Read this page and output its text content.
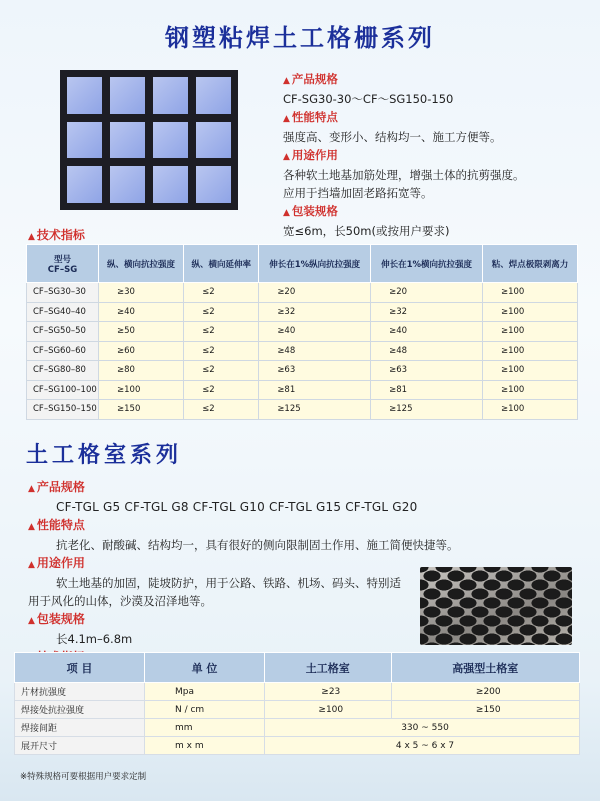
钢塑粘焊土工格栅系列
▲ 产品规格
CF-SG30-30～CF～SG150-150
▲ 性能特点
强度高、变形小、结构均一、施工方便等。
▲ 用途作用
各种软土地基加筋处理，增强土体的抗剪强度。
应用于挡墙加固老路拓宽等。
▲ 包装规格
宽≤6m，长50m(或按用户要求)
▲ 技术指标
型号
CF–SG	纵、横向抗拉强度	纵、横向延伸率	伸长在1%纵向抗拉强度	伸长在1%横向抗拉强度	粘、焊点极限剥离力
CF–SG30–30	≥30	≤2	≥20	≥20	≥100
CF–SG40–40	≥40	≤2	≥32	≥32	≥100
CF–SG50–50	≥50	≤2	≥40	≥40	≥100
CF–SG60–60	≥60	≤2	≥48	≥48	≥100
CF–SG80–80	≥80	≤2	≥63	≥63	≥100
CF–SG100–100	≥100	≤2	≥81	≥81	≥100
CF–SG150–150	≥150	≤2	≥125	≥125	≥100
土工格室系列
▲ 产品规格
CF-TGL G5 CF-TGL G8 CF-TGL G10 CF-TGL G15 CF-TGL G20
▲ 性能特点
抗老化、耐酸碱、结构均一，具有很好的侧向限制固土作用、施工简便快捷等。
▲ 用途作用
软土地基的加固，陡坡防护，用于公路、铁路、机场、码头、特别适
用于风化的山体，沙漠及沼泽地等。
▲ 包装规格
长4.1m–6.8m
▲
项 目	单 位	土工格室	高强型土格室
片材抗强度	Mpa	≥23	≥200
焊接处抗拉强度	N / cm	≥100	≥150
焊接间距	mm	330 ~ 550	
展开尺寸	m x m	4 x 5 ~ 6 x 7	
※特殊规格可要根据用户要求定制
